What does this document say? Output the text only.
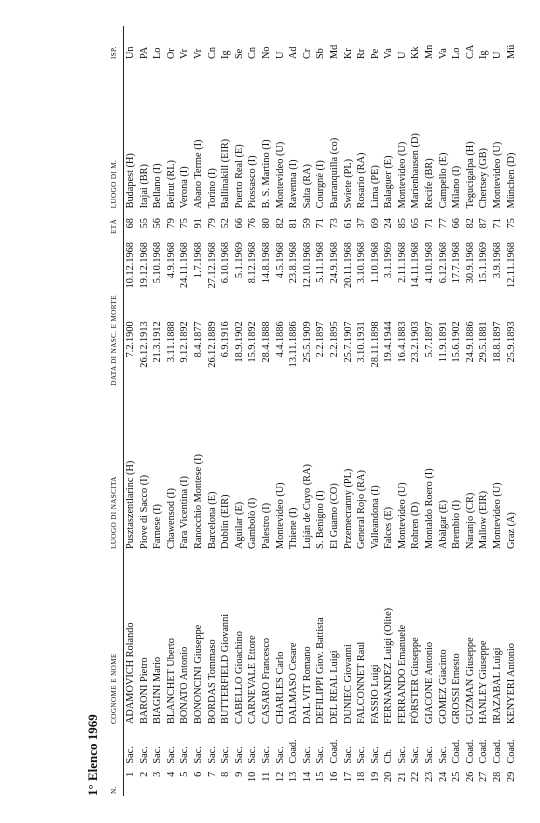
1° Elenco 1969 N.		COGNOME E NOME	LUOGO DI NASCITA	DATA DI NASC. E MORTE		ETÀ	LUOGO DI M.	ISP.
1	Sac.	ADAMOVICH Rolando	Pusztaszentlarinc (H)	7.2.1900	10.12.1968	68	Budapest (H)	Un
2	Sac.	BARONI Pietro	Piove di Sacco (I)	26.12.1913	19.12.1968	55	Itajai (BR)	PA
3	Sac.	BIAGINI Mario	Farnese (I)	21.3.1912	5.10.1968	56	Bellano (I)	Lo
4	Sac.	BLANCHET Uberto	Chawensod (I)	3.11.1888	4.9.1968	79	Beirut (RL)	Or
5	Sac.	BONATO Antonio	Fara Vicentina (I)	9.12.1892	24.11.1968	75	Verona (I)	Vr
6	Sac.	BONONCINI Giuseppe	Ranocchio Montese (I)	8.4.1877	1.7.1968	91	Abano Terme (I)	Vr
7	Sac.	BORDAS Tommaso	Barcelona (E)	26.12.1889	27.12.1968	79	Torino (I)	Cn
8	Sac.	BUTTERFIELD Giovanni	Dublin (EIR)	6.9.1916	6.10.1968	52	Ballinakill (EIR)	Ig
9	Sac.	CABELLO Gioachino	Aguilar (E)	18.9.1902	5.1.1969	66	Puerto Real (E)	Se
10	Sac.	CARNEVALE Ettore	Gambolò (I)	15.9.1892	8.12.1968	76	Piossasco (I)	Cn
11	Sac.	CASARO Francesco	Palestro (I)	28.4.1888	14.8.1968	80	B. S. Martino (I)	No
12	Sac.	CHARLES Carlo	Montevideo (U)	4.4.1886	4.5.1968	82	Montevideo (U)	U
13	Coad.	DALMASO Cesare	Thiene (I)	13.11.1886	23.8.1968	81	Ravenna (I)	Ad
14	Sac.	DAL VIT Romano	Luján de Cuyo (RA)	25.5.1909	12.10.1968	59	Salta (RA)	Cr
15	Sac.	DEFILIPPI Giov. Battista	S. Benigno (I)	2.2.1897	5.11.1968	71	Courgnè (I)	Sb
16	Coad.	DEL REAL Luigi	El Guamo (CO)	2.2.1895	24.9.1968	73	Barranquilla (co)	Md
17	Sac.	DUNIEC Giovanni	Przemecranny (PL)	25.7.1907	20.11.1968	61	Swiete (PL)	Kr
18	Sac.	FALCONNET Raul	General Rojo (RA)	3.10.1931	3.10.1968	37	Rosario (RA)	Rr
19	Sac.	FASSIO Luigi	Valleandona (I)	28.11.1898	1.10.1968	69	Lima (PE)	Pe
20	Ch.	FERNANDEZ Luigi (Olite)	Falces (E)	19.4.1944	3.1.1969	24	Balaguer (E)	Va
21	Sac.	FERRANDO Emanuele	Montevideo (U)	16.4.1883	2.11.1968	85	Montevideo (U)	U
22	Sac.	FÖRSTER Giuseppe	Rohren (D)	23.2.1903	14.11.1968	65	Marienhausen (D)	Kk
23	Sac.	GIACONE Antonio	Montaldo Roero (I)	5.7.1897	4.10.1968	71	Recife (BR)	Mn
24	Sac.	GOMEZ Giacinto	Abàlgar (E)	11.9.1891	6.12.1968	77	Campello (E)	Va
25	Coad.	GROSSI Ernesto	Brembio (I)	15.6.1902	17.7.1968	66	Milano (I)	Lo
26	Coad.	GUZMAN Giuseppe	Naranjo (CR)	24.9.1886	30.9.1968	82	Tegucigalpa (H)	CA
27	Coad.	HANLEY Giuseppe	Mallow (EIR)	29.5.1881	15.1.1969	87	Chertsey (GB)	Ig
28	Coad.	IRAZABAL Luigi	Montevideo (U)	18.8.1897	3.9.1968	71	Montevideo (U)	U
29	Coad.	KENYERI Antonio	Graz (A)	25.9.1893	12.11.1968	75	München (D)	Mü
